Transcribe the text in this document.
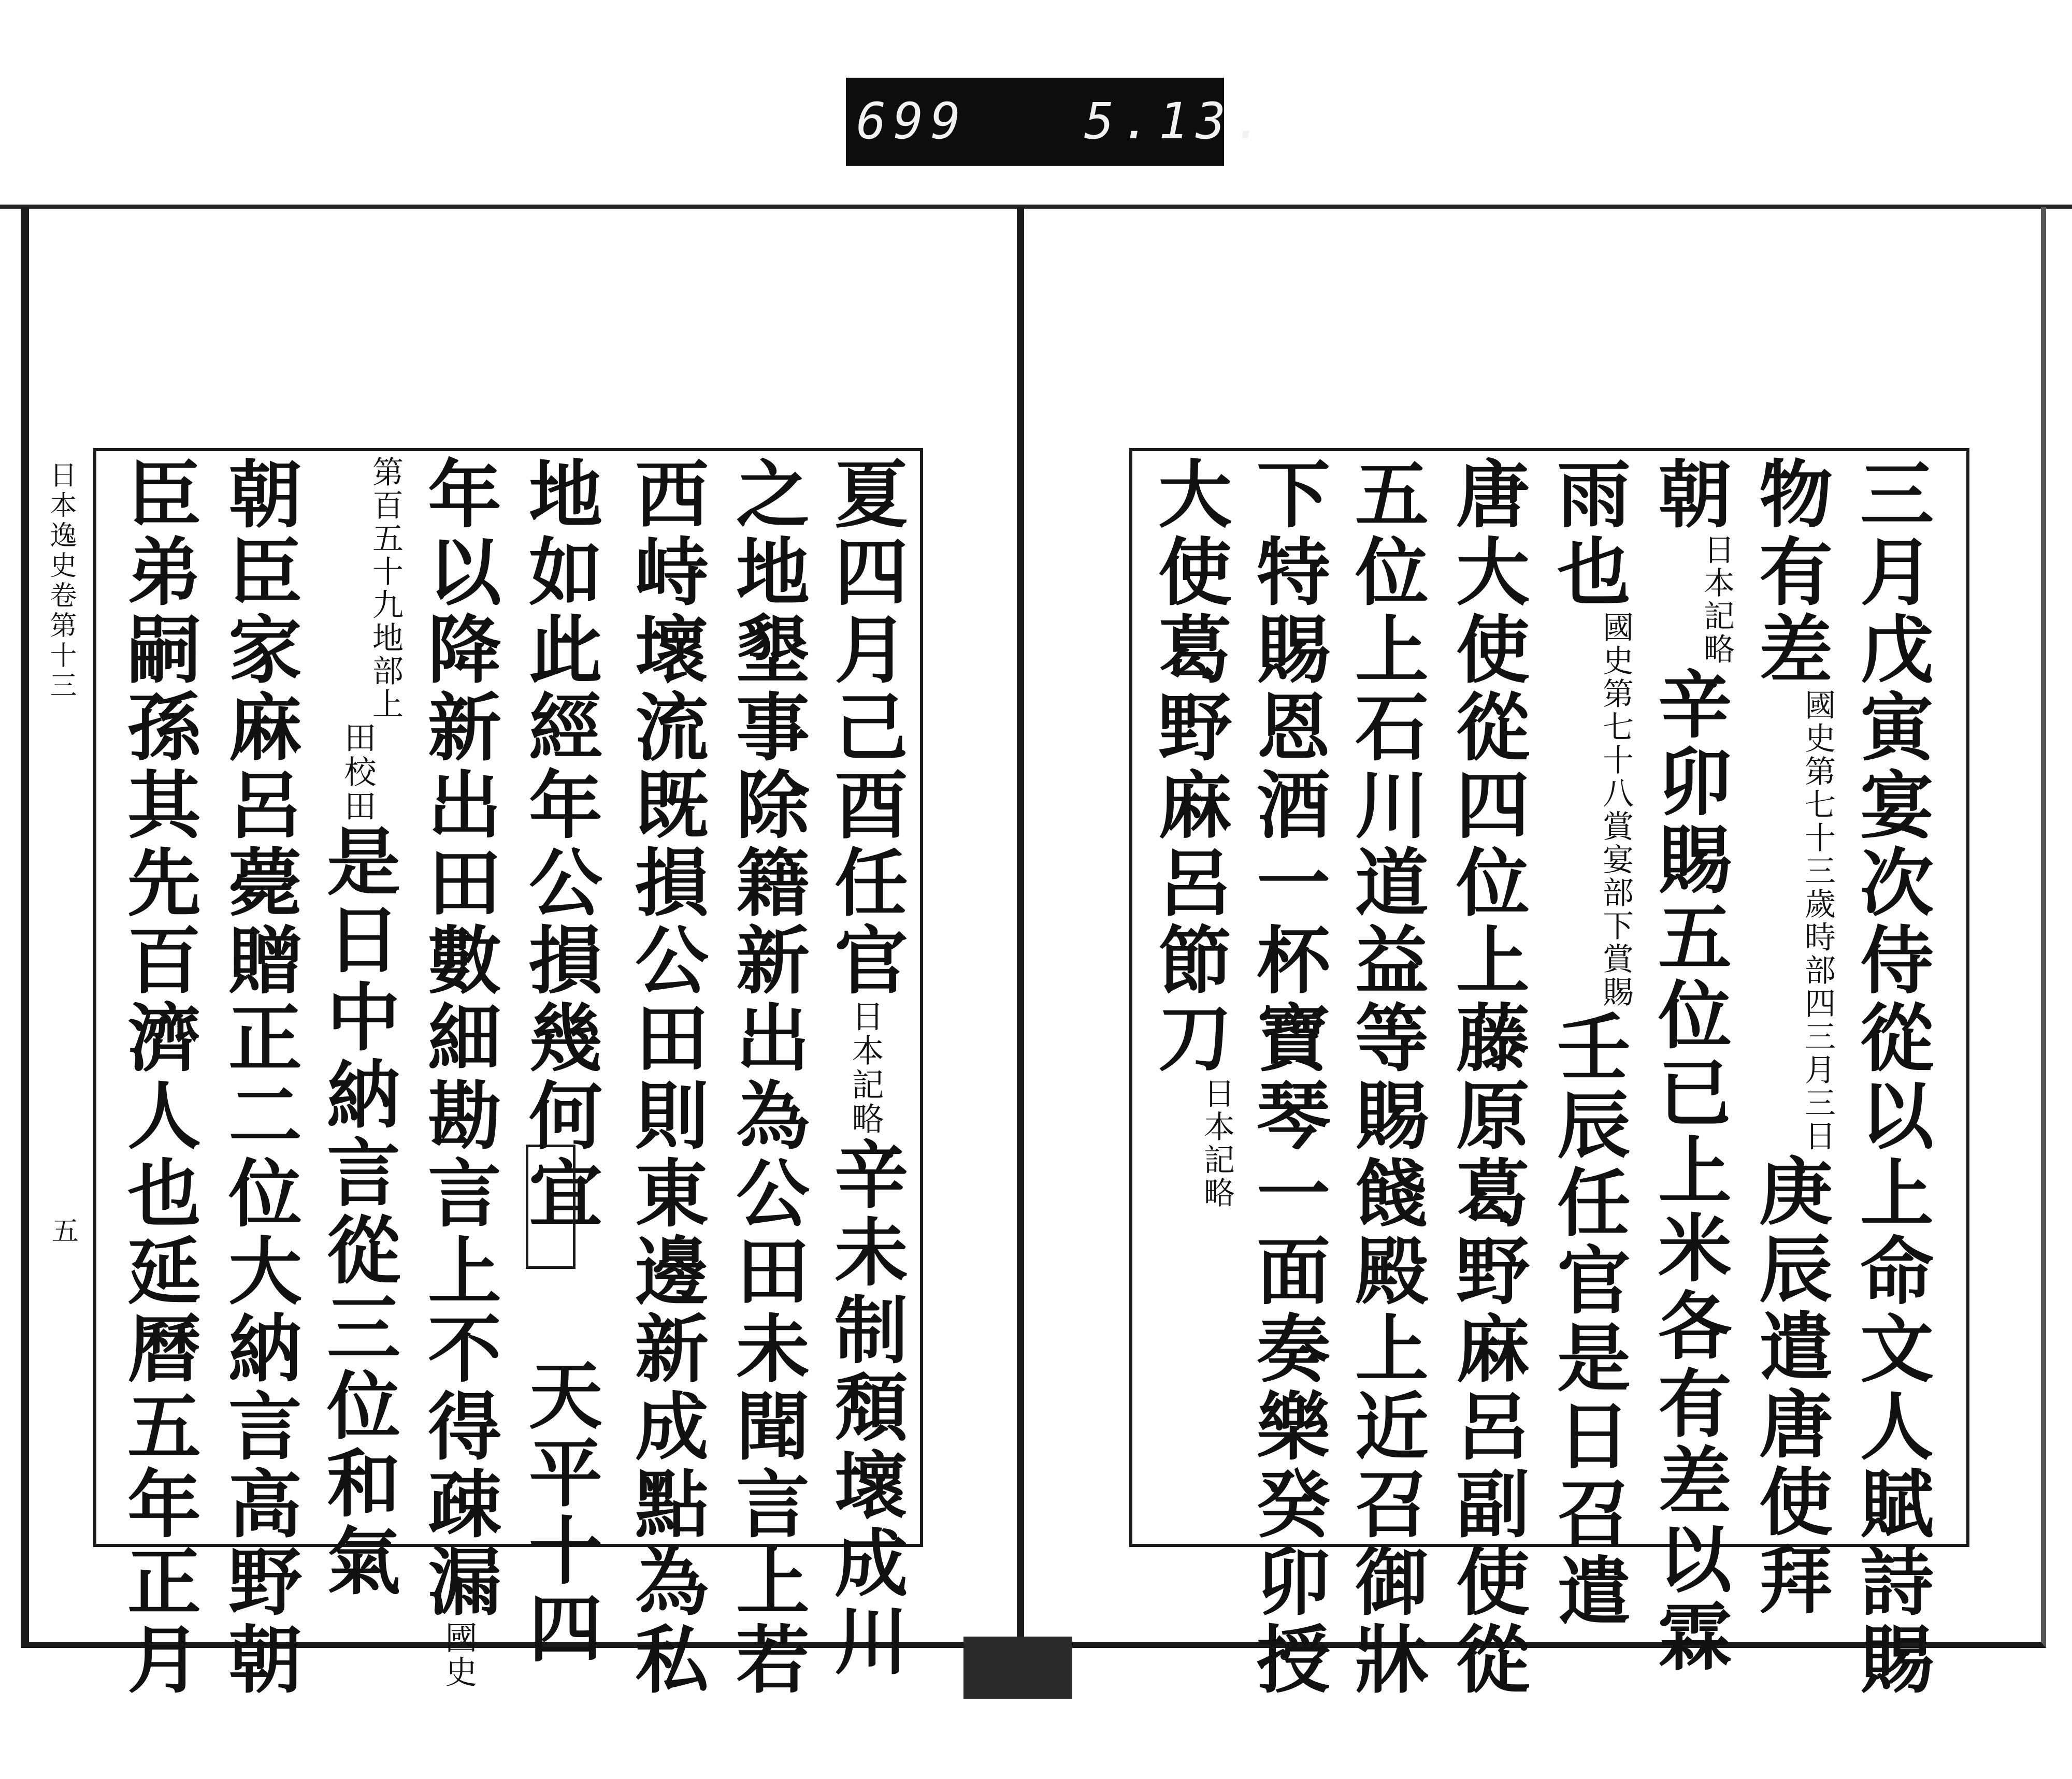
699 5.13.
日本逸史卷第十三
五	三月戊寅宴次侍從以上命文人賦詩賜
物有差國史第七十三歲時部四三月三日庚辰遣唐使拜
朝日本記略辛卯賜五位已上米各有差以霖
雨也國史第七十八賞宴部下賞賜壬辰任官是日召遣
唐大使從四位上藤原葛野麻呂副使從
五位上石川道益等賜餞殿上近召御牀
下特賜恩酒一杯寶琴一面奏樂癸卯授
大使葛野麻呂節刀日本記略
夏四月己酉任官日本記略辛未制頽壞成川
之地墾事除籍新出為公田未聞言上若
西峙壞流既損公田則東邊新成點為私
地如此經年公損幾何宜天平十四
年以降新出田數細勘言上不得疎漏國史
第百五十九地部上田校田是日中納言從三位和氣
朝臣家麻呂薨贈正二位大納言高野朝
臣弟嗣孫其先百濟人也延曆五年正月
